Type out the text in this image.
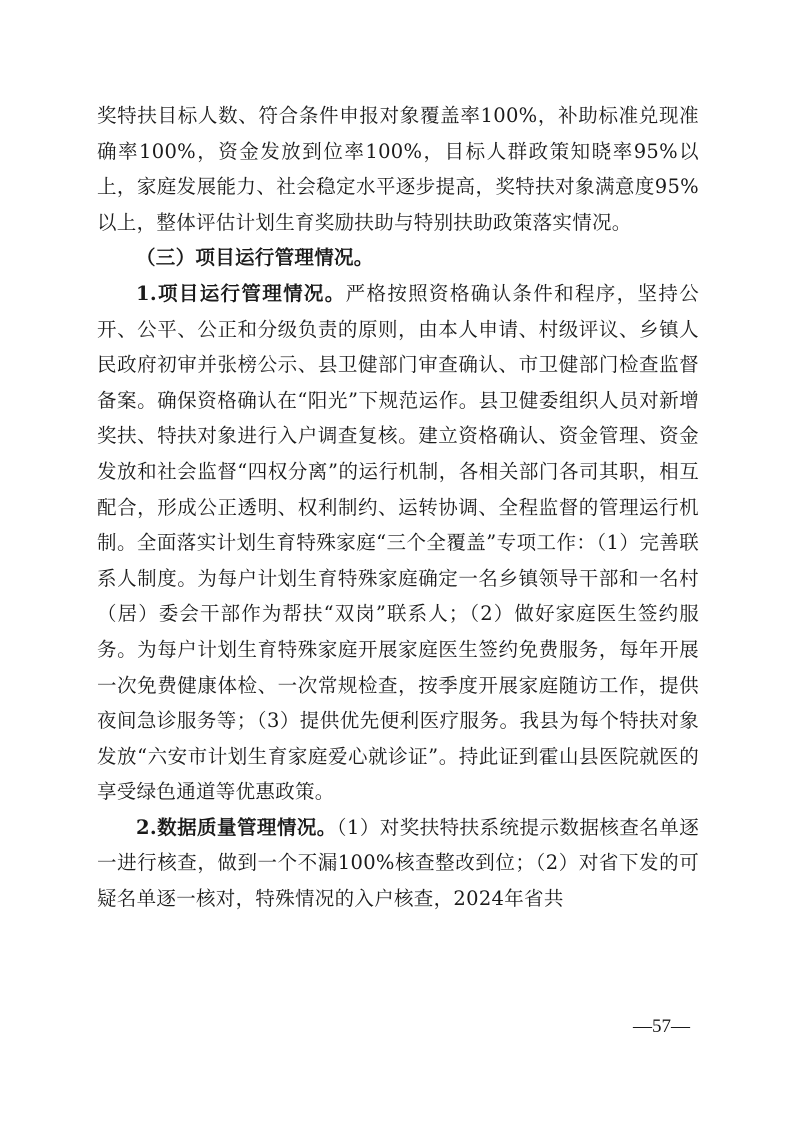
奖特扶目标人数、符合条件申报对象覆盖率100%，补助标准兑现准确率100%，资金发放到位率100%，目标人群政策知晓率95%以上，家庭发展能力、社会稳定水平逐步提高，奖特扶对象满意度95%以上，整体评估计划生育奖励扶助与特别扶助政策落实情况。

（三）项目运行管理情况。

1.项目运行管理情况。严格按照资格确认条件和程序，坚持公开、公平、公正和分级负责的原则，由本人申请、村级评议、乡镇人民政府初审并张榜公示、县卫健部门审查确认、市卫健部门检查监督备案。确保资格确认在“阳光”下规范运作。县卫健委组织人员对新增奖扶、特扶对象进行入户调查复核。建立资格确认、资金管理、资金发放和社会监督“四权分离”的运行机制，各相关部门各司其职，相互配合，形成公正透明、权利制约、运转协调、全程监督的管理运行机制。全面落实计划生育特殊家庭“三个全覆盖”专项工作：（1）完善联系人制度。为每户计划生育特殊家庭确定一名乡镇领导干部和一名村（居）委会干部作为帮扶“双岗”联系人；（2）做好家庭医生签约服务。为每户计划生育特殊家庭开展家庭医生签约免费服务，每年开展一次免费健康体检、一次常规检查，按季度开展家庭随访工作，提供夜间急诊服务等；（3）提供优先便利医疗服务。我县为每个特扶对象发放“六安市计划生育家庭爱心就诊证”。持此证到霍山县医院就医的享受绿色通道等优惠政策。

2.数据质量管理情况。（1）对奖扶特扶系统提示数据核查名单逐一进行核查，做到一个不漏100%核查整改到位；（2）对省下发的可疑名单逐一核对，特殊情况的入户核查，2024年省共

—57—
